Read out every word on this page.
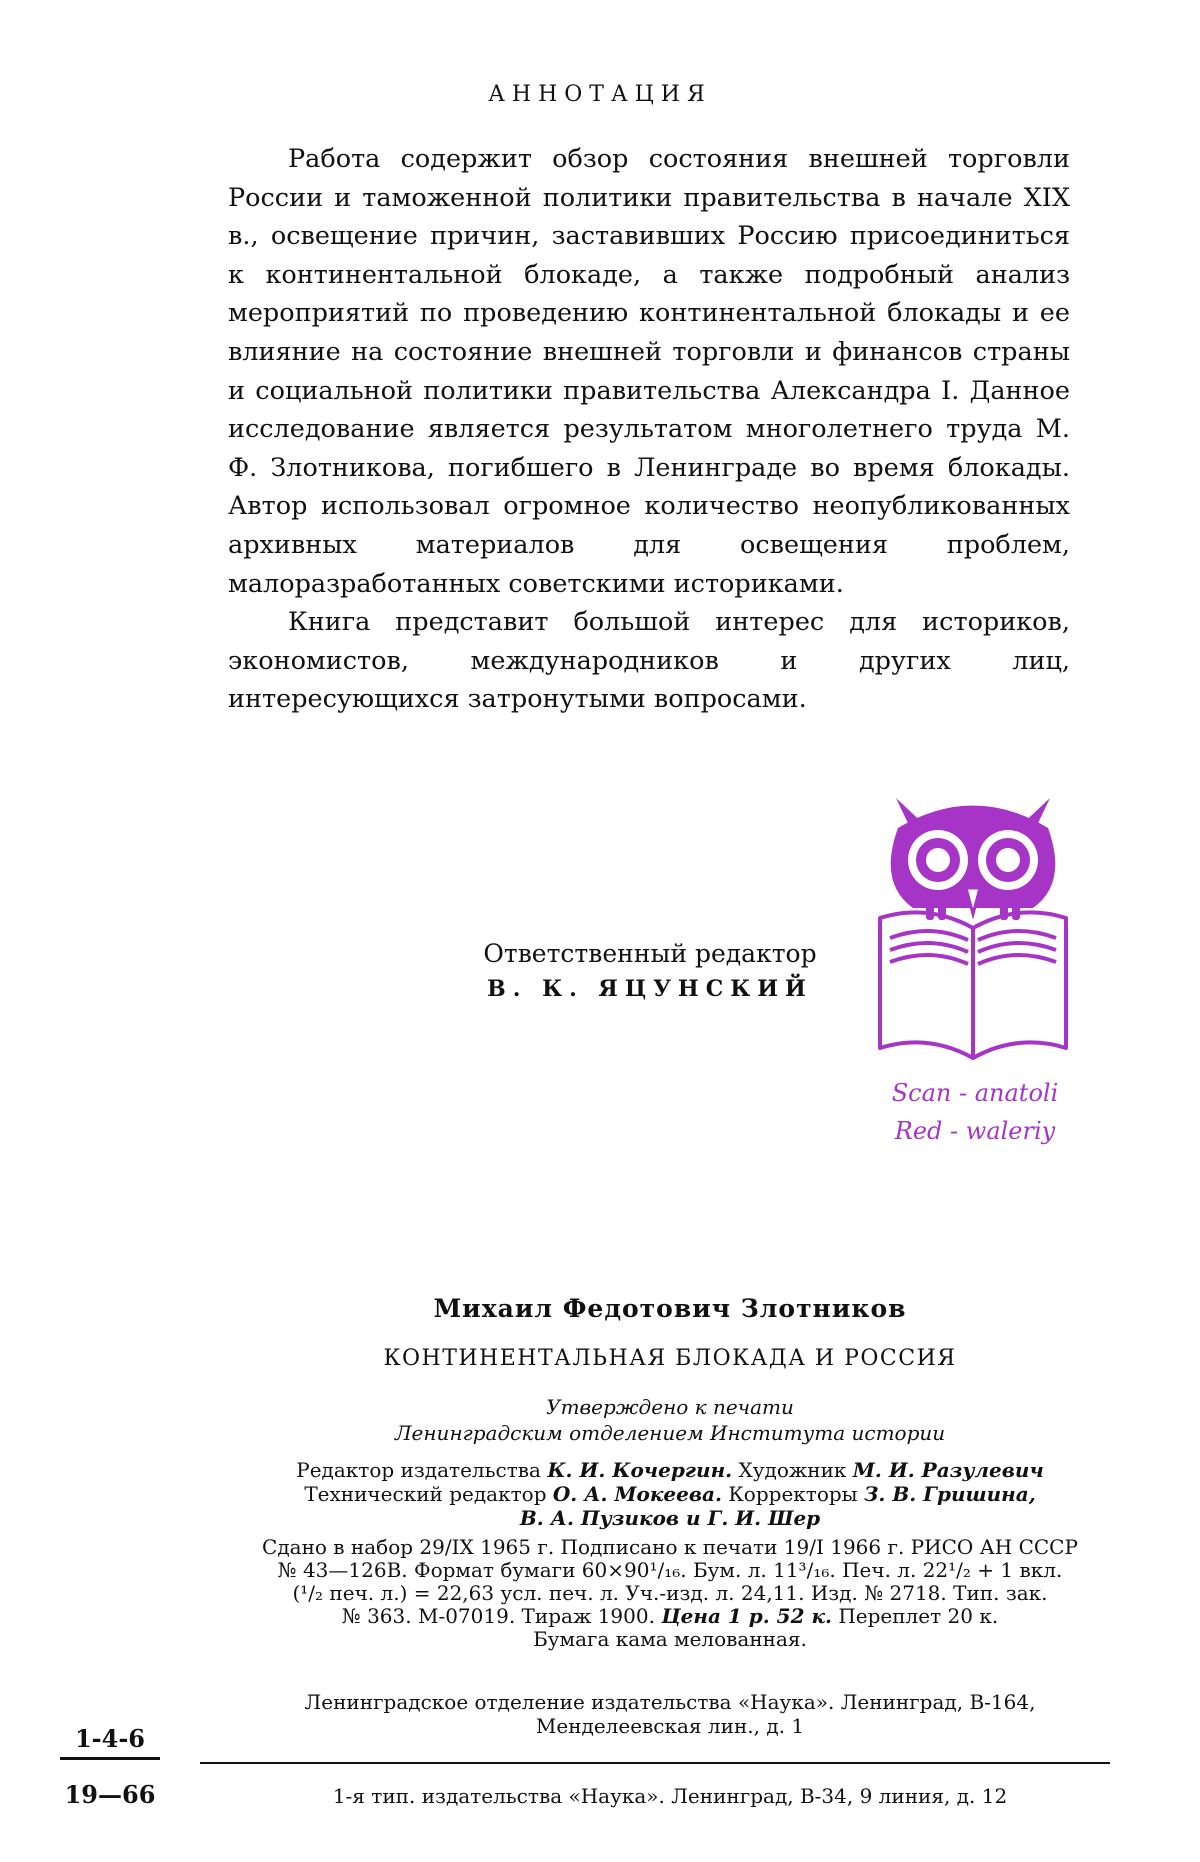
АННОТАЦИЯ

Работа содержит обзор состояния внешней торговли России и таможенной политики правительства в начале XIX в., освещение причин, заставивших Россию присоединиться к континентальной блокаде, а также подробный анализ мероприятий по проведению континентальной блокады и ее влияние на состояние внешней торговли и финансов страны и социальной политики правительства Александра I. Данное исследование является результатом многолетнего труда М. Ф. Злотникова, погибшего в Ленинграде во время блокады. Автор использовал огромное количество неопубликованных архивных материалов для освещения проблем, малоразработанных советскими историками.

Книга представит большой интерес для историков, экономистов, международников и других лиц, интересующихся затронутыми вопросами.

Ответственный редактор
В. К. ЯЦУНСКИЙ
Scan - anatoli
Red - waleriy
Михаил Федотович Злотников
КОНТИНЕНТАЛЬНАЯ БЛОКАДА И РОССИЯ
Утверждено к печати
Ленинградским отделением Института истории
Редактор издательства К. И. Кочергин. Художник М. И. Разулевич
Технический редактор О. А. Мокеева. Корректоры З. В. Гришина,
В. А. Пузиков и Г. И. Шер
Сдано в набор 29/IX 1965 г. Подписано к печати 19/I 1966 г. РИСО АН СССР
№ 43—126В. Формат бумаги 60×90¹/₁₆. Бум. л. 11³/₁₆. Печ. л. 22¹/₂ + 1 вкл.
(¹/₂ печ. л.) = 22,63 усл. печ. л. Уч.-изд. л. 24,11. Изд. № 2718. Тип. зак.
№ 363. М-07019. Тираж 1900. Цена 1 р. 52 к. Переплет 20 к.
Бумага кама мелованная.
Ленинградское отделение издательства «Наука». Ленинград, В-164,
Менделеевская лин., д. 1
1-4-6
19—66	1-я тип. издательства «Наука». Ленинград, В-34, 9 линия, д. 12
